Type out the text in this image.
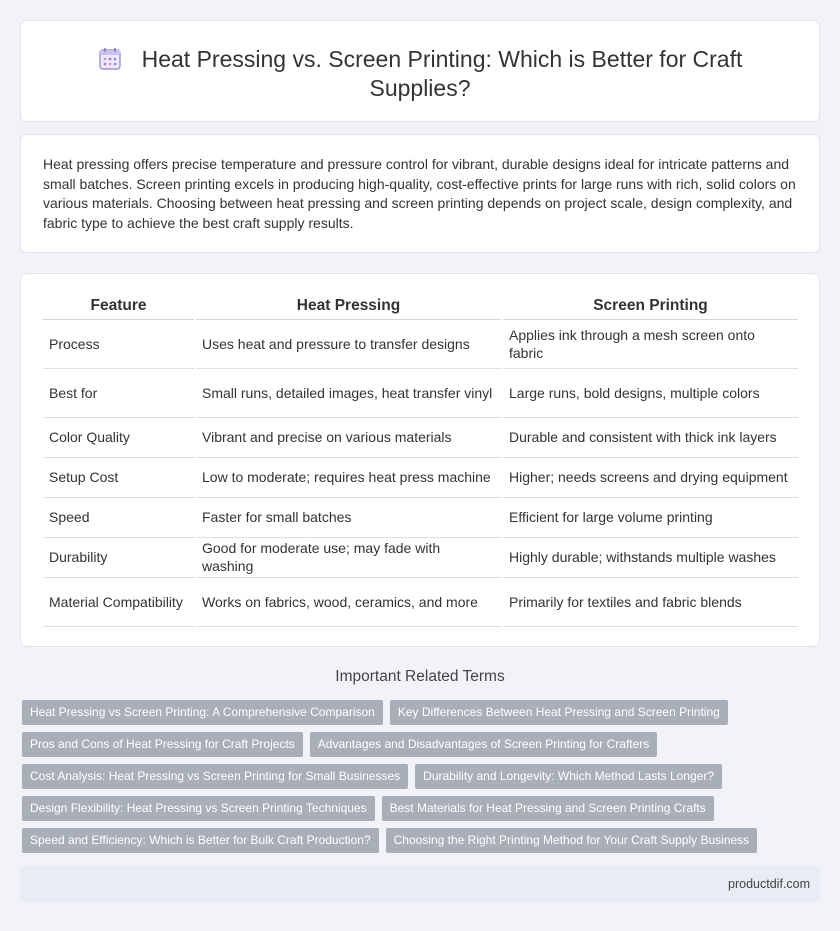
Heat Pressing vs. Screen Printing: Which is Better for Craft Supplies?

Heat pressing offers precise temperature and pressure control for vibrant, durable designs ideal for intricate patterns and small batches. Screen printing excels in producing high-quality, cost-effective prints for large runs with rich, solid colors on various materials. Choosing between heat pressing and screen printing depends on project scale, design complexity, and fabric type to achieve the best craft supply results.

Feature	Heat Pressing	Screen Printing
Process	Uses heat and pressure to transfer designs	Applies ink through a mesh screen onto fabric
Best for	Small runs, detailed images, heat transfer vinyl	Large runs, bold designs, multiple colors
Color Quality	Vibrant and precise on various materials	Durable and consistent with thick ink layers
Setup Cost	Low to moderate; requires heat press machine	Higher; needs screens and drying equipment
Speed	Faster for small batches	Efficient for large volume printing
Durability	Good for moderate use; may fade with washing	Highly durable; withstands multiple washes
Material Compatibility	Works on fabrics, wood, ceramics, and more	Primarily for textiles and fabric blends
Important Related Terms
Heat Pressing vs Screen Printing: A Comprehensive Comparison	Key Differences Between Heat Pressing and Screen Printing
Pros and Cons of Heat Pressing for Craft Projects	Advantages and Disadvantages of Screen Printing for Crafters
Cost Analysis: Heat Pressing vs Screen Printing for Small Businesses	Durability and Longevity: Which Method Lasts Longer?
Design Flexibility: Heat Pressing vs Screen Printing Techniques	Best Materials for Heat Pressing and Screen Printing Crafts
Speed and Efficiency: Which is Better for Bulk Craft Production?	Choosing the Right Printing Method for Your Craft Supply Business
productdif.com
